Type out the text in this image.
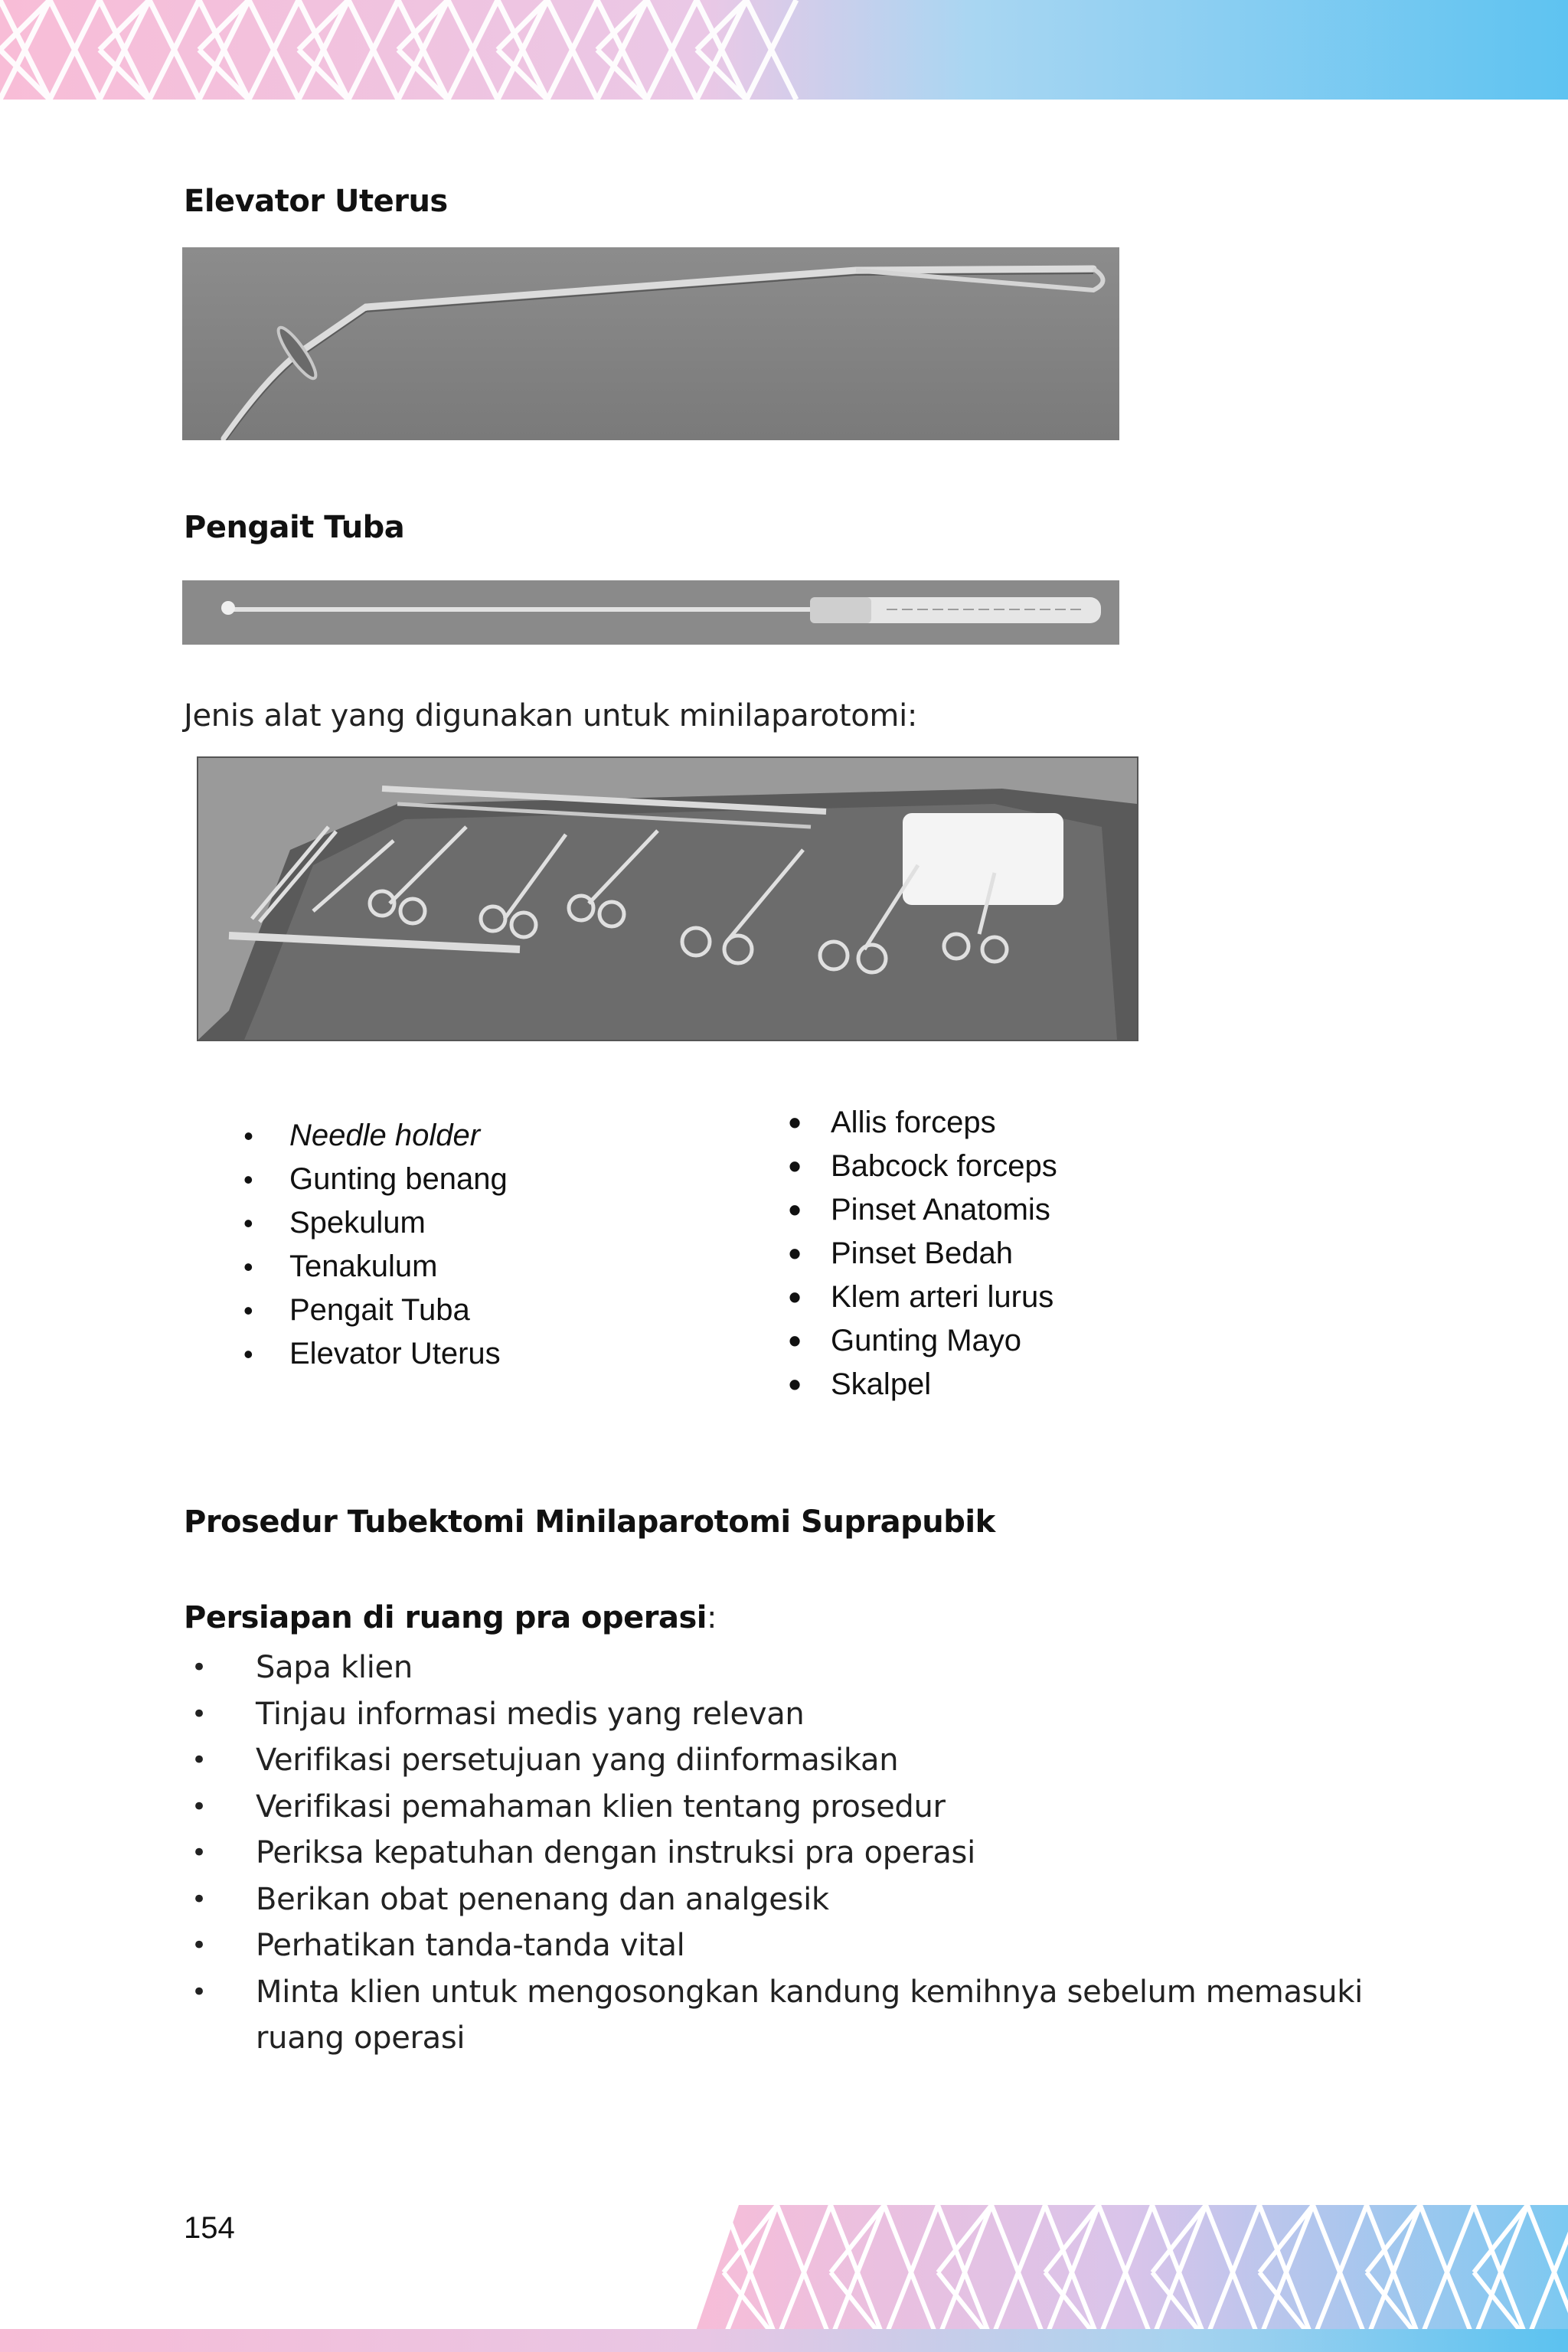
Elevator Uterus
Pengait Tuba
Jenis alat yang digunakan untuk minilaparotomi:
• Needle holder
• Gunting benang
• Spekulum
• Tenakulum
• Pengait Tuba
• Elevator Uterus
• Allis forceps
• Babcock forceps
• Pinset Anatomis
• Pinset Bedah
• Klem arteri lurus
• Gunting Mayo
• Skalpel
Prosedur Tubektomi Minilaparotomi Suprapubik
Persiapan di ruang pra operasi:
• Sapa klien
• Tinjau informasi medis yang relevan
• Verifikasi persetujuan yang diinformasikan
• Verifikasi pemahaman klien tentang prosedur
• Periksa kepatuhan dengan instruksi pra operasi
• Berikan obat penenang dan analgesik
• Perhatikan tanda-tanda vital
• Minta klien untuk mengosongkan kandung kemihnya sebelum memasuki ruang operasi
154
